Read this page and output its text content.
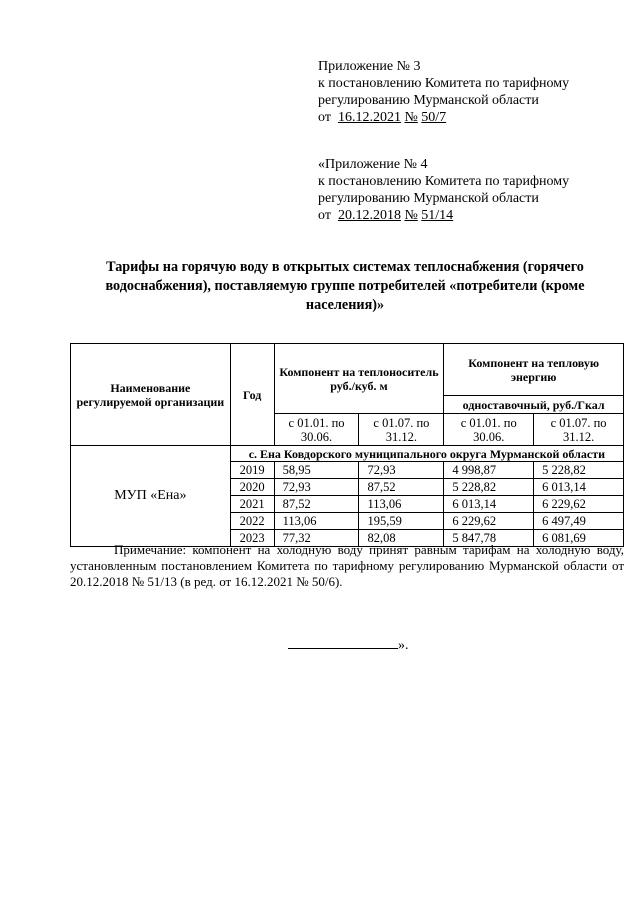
Приложение № 3

к постановлению Комитета по тарифному

регулированию Мурманской области

от 16.12.2021 № 50/7

«Приложение № 4

к постановлению Комитета по тарифному

регулированию Мурманской области

от 20.12.2018 № 51/14

Тарифы на горячую воду в открытых системах теплоснабжения (горячего водоснабжения), поставляемую группе потребителей «потребители (кроме населения)»
Наименование регулируемой организации	Год	Компонент на теплоноситель руб./куб. м		Компонент на тепловую энергию	
				одноставочный, руб./Гкал	
		с 01.01. по 30.06.	с 01.07. по 31.12.	с 01.01. по 30.06.	с 01.07. по 31.12.
МУП «Ена»	с. Ена Ковдорского муниципального округа Мурманской области				
	2019	58,95	72,93	4 998,87	5 228,82
	2020	72,93	87,52	5 228,82	6 013,14
	2021	87,52	113,06	6 013,14	6 229,62
	2022	113,06	195,59	6 229,62	6 497,49
	2023	77,32	82,08	5 847,78	6 081,69
Примечание: компонент на холодную воду принят равным тарифам на холодную воду, установленным постановлением Комитета по тарифному регулированию Мурманской области от 20.12.2018 № 51/13 (в ред. от 16.12.2021 № 50/6).
».
